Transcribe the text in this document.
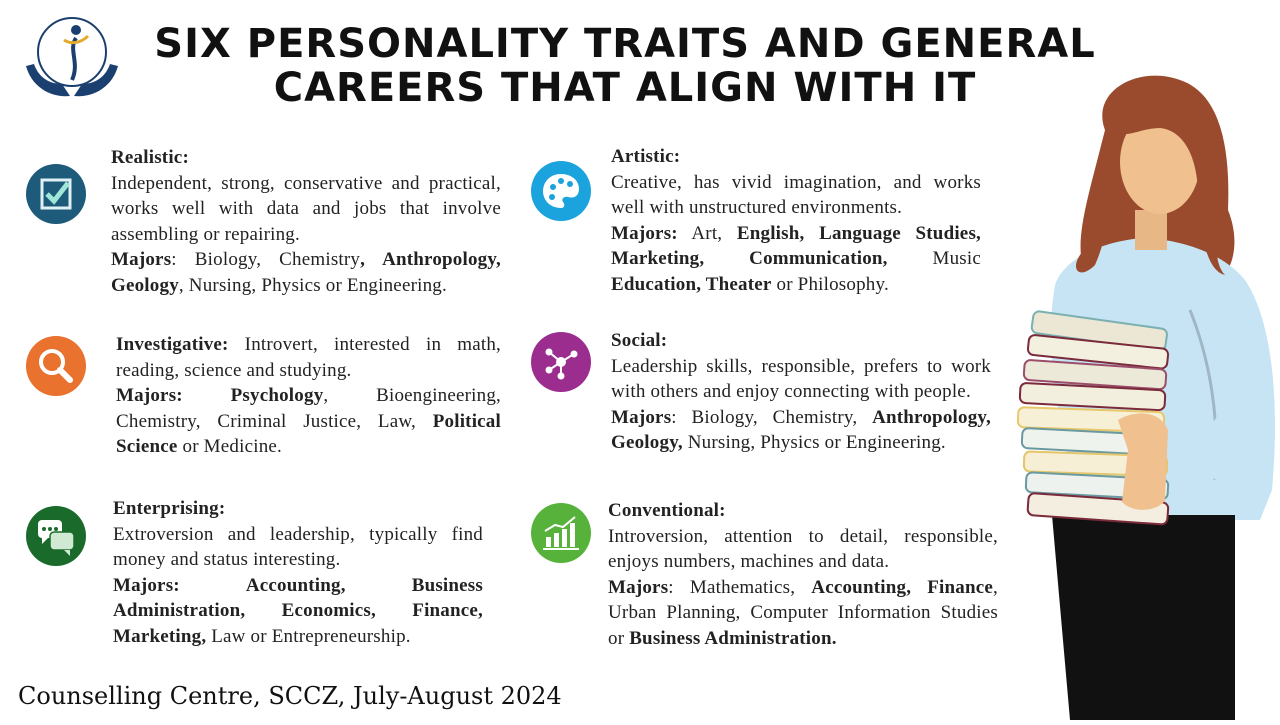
SIX PERSONALITY TRAITS AND GENERAL
CAREERS THAT ALIGN WITH IT
Realistic:
Independent, strong, conservative and practical, works well with data and jobs that involve assembling or repairing.
Majors: Biology, Chemistry, Anthropology, Geology, Nursing, Physics or Engineering.
Investigative: Introvert, interested in math, reading, science and studying.
Majors:	Psychology, Bioengineering, Chemistry, Criminal Justice, Law, Political Science or Medicine.
Enterprising:
Extroversion and leadership, typically find money and status interesting.
Majors:	Accounting, Business Administration, Economics, Finance, Marketing, Law or Entrepreneurship.
Artistic:
Creative, has vivid imagination, and works well with unstructured environments.
Majors: Art, English, Language Studies, Marketing, Communication, Music Education, Theater or Philosophy.
Social:
Leadership skills, responsible, prefers to work with others and enjoy connecting with people.
Majors: Biology, Chemistry, Anthropology, Geology, Nursing, Physics or Engineering.
Conventional:
Introversion, attention to detail, responsible, enjoys numbers, machines and data.
Majors: Mathematics, Accounting, Finance, Urban Planning, Computer Information Studies or Business Administration.
Counselling Centre, SCCZ, July-August 2024
